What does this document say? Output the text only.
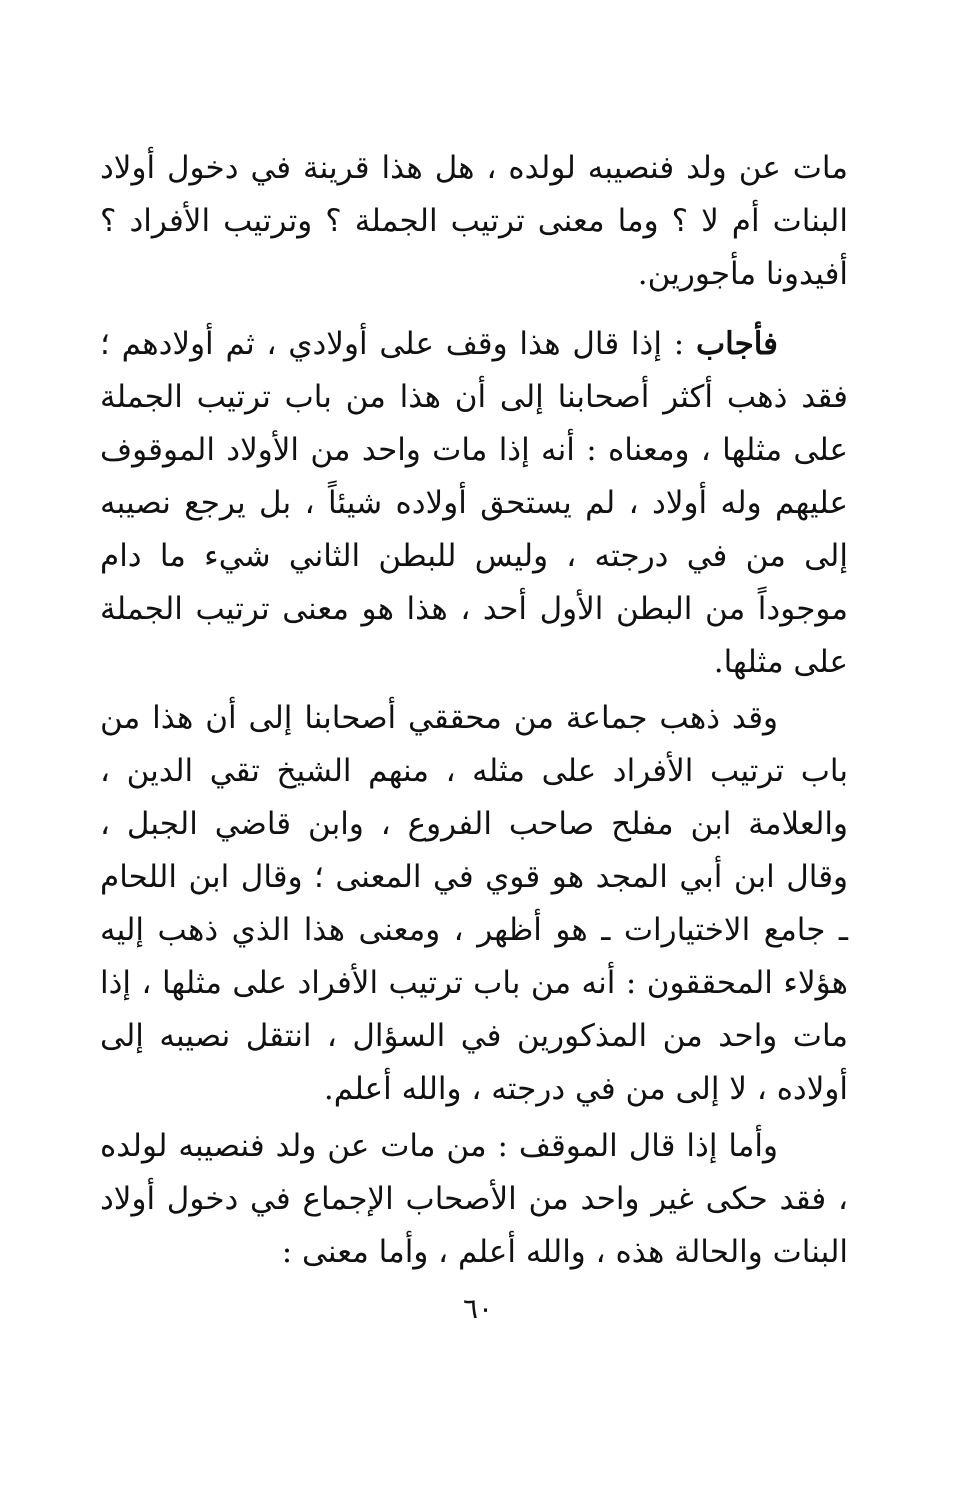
مات عن ولد فنصيبه لولده ، هل هذا قرينة في دخول أولاد البنات أم لا ؟ وما معنى ترتيب الجملة ؟ وترتيب الأفراد ؟ أفيدونا مأجورين.

فأجاب : إذا قال هذا وقف على أولادي ، ثم أولادهم ؛ فقد ذهب أكثر أصحابنا إلى أن هذا من باب ترتيب الجملة على مثلها ، ومعناه : أنه إذا مات واحد من الأولاد الموقوف عليهم وله أولاد ، لم يستحق أولاده شيئاً ، بل يرجع نصيبه إلى من في درجته ، وليس للبطن الثاني شيء ما دام موجوداً من البطن الأول أحد ، هذا هو معنى ترتيب الجملة على مثلها.

وقد ذهب جماعة من محققي أصحابنا إلى أن هذا من باب ترتيب الأفراد على مثله ، منهم الشيخ تقي الدين ، والعلامة ابن مفلح صاحب الفروع ، وابن قاضي الجبل ، وقال ابن أبي المجد هو قوي في المعنى ؛ وقال ابن اللحام ـ جامع الاختيارات ـ هو أظهر ، ومعنى هذا الذي ذهب إليه هؤلاء المحققون : أنه من باب ترتيب الأفراد على مثلها ، إذا مات واحد من المذكورين في السؤال ، انتقل نصيبه إلى أولاده ، لا إلى من في درجته ، والله أعلم.

وأما إذا قال الموقف : من مات عن ولد فنصيبه لولده ، فقد حكى غير واحد من الأصحاب الإجماع في دخول أولاد البنات والحالة هذه ، والله أعلم ، وأما معنى :

٦٠
